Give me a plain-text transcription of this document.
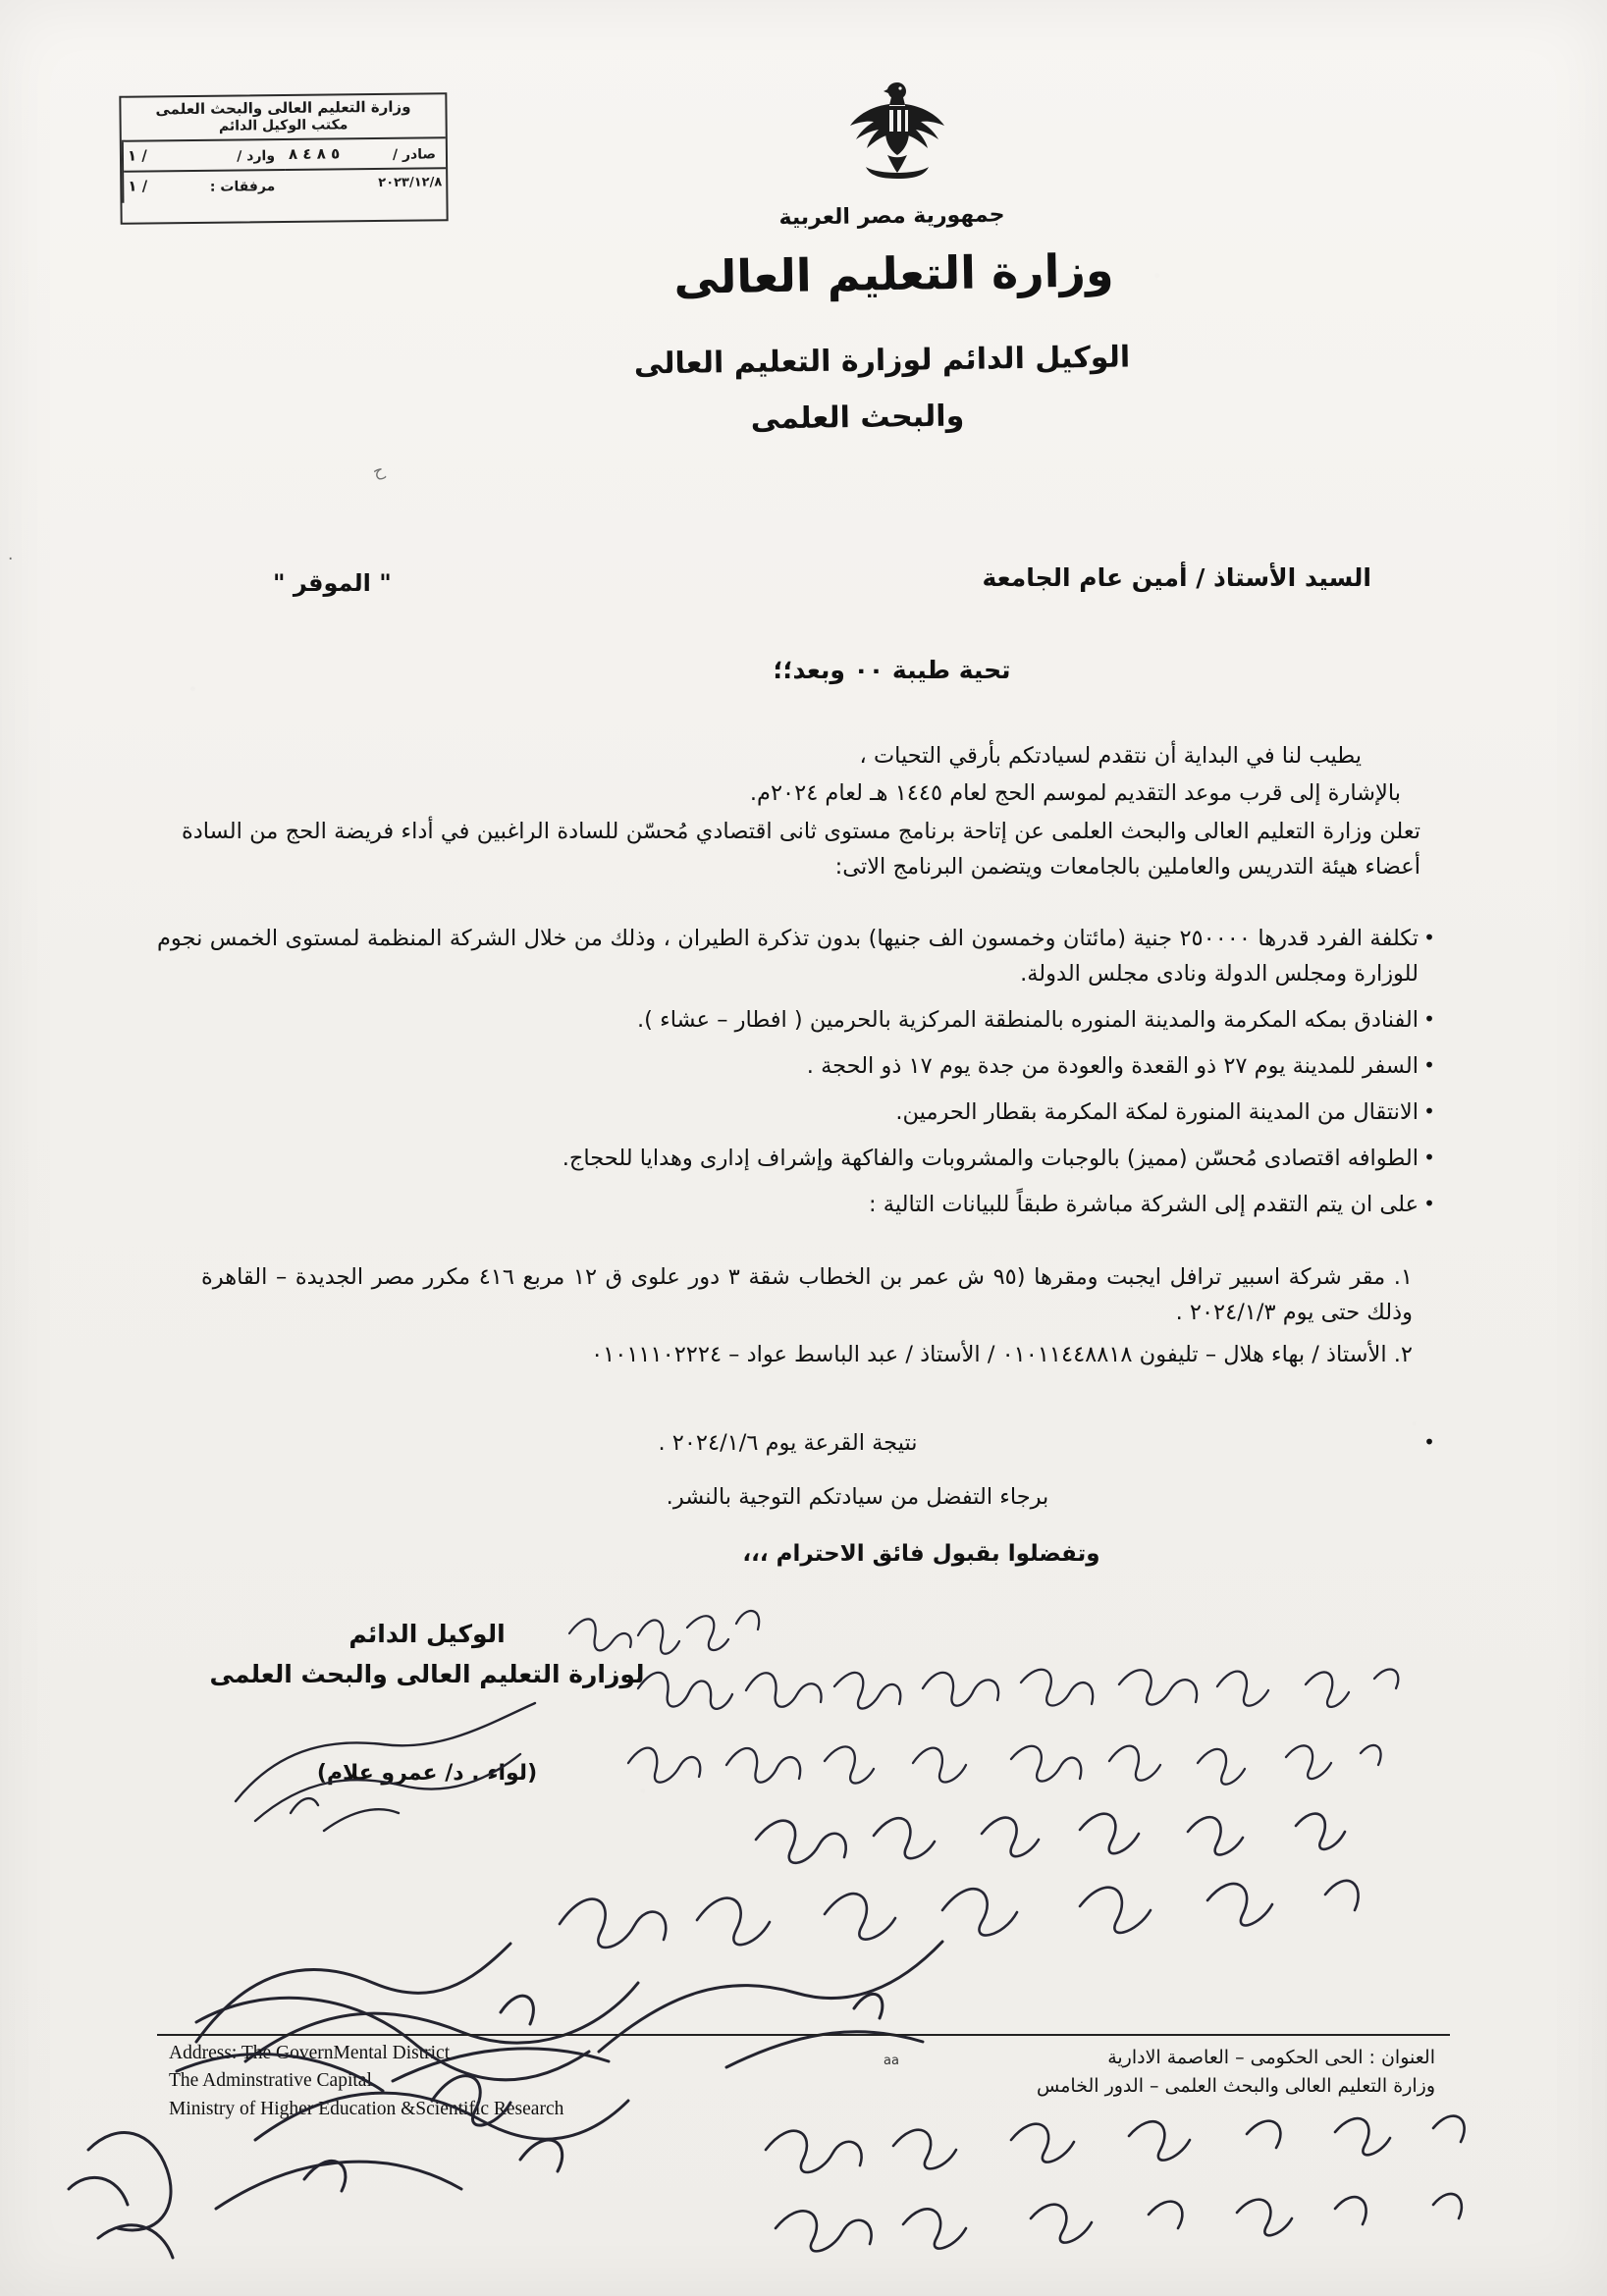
وزارة التعليم العالى والبحث العلمى
مكتب الوكيل الدائم
وارد /
/ ١
مرفقات :
/ ١
صادر /
٥ ٨ ٤ ٨
٢٠٢٣/١٢/٨
جمهورية مصر العربية
وزارة التعليم العالى
الوكيل الدائم لوزارة التعليم العالى
والبحث العلمى
ح
.
السيد الأستاذ / أمين عام الجامعة
" الموقر "
تحية طيبة ٠٠ وبعد؛؛

يطيب لنا في البداية أن نتقدم لسيادتكم بأرقي التحيات ،

بالإشارة إلى قرب موعد التقديم لموسم الحج لعام ١٤٤٥ هـ لعام ٢٠٢٤م.

تعلن وزارة التعليم العالى والبحث العلمى عن إتاحة برنامج مستوى ثانى اقتصادي مُحسّن للسادة الراغبين في أداء فريضة الحج من السادة أعضاء هيئة التدريس والعاملين بالجامعات ويتضمن البرنامج الاتى:

•
تكلفة الفرد قدرها ٢٥٠٠٠٠ جنية (مائتان وخمسون الف جنيها) بدون تذكرة الطيران ، وذلك من خلال الشركة المنظمة لمستوى الخمس نجوم للوزارة ومجلس الدولة ونادى مجلس الدولة.
•
الفنادق بمكه المكرمة والمدينة المنوره بالمنطقة المركزية بالحرمين ( افطار – عشاء ).
•
السفر للمدينة يوم ٢٧ ذو القعدة والعودة من جدة يوم ١٧ ذو الحجة .
•
الانتقال من المدينة المنورة لمكة المكرمة بقطار الحرمين.
•
الطوافه اقتصادى مُحسّن (مميز) بالوجبات والمشروبات والفاكهة وإشراف إدارى وهدايا للحجاج.
•
على ان يتم التقدم إلى الشركة مباشرة طبقاً للبيانات التالية :
١. مقر شركة اسبير ترافل ايجبت ومقرها (٩٥ ش عمر بن الخطاب شقة ٣ دور علوى ق ١٢ مربع ٤١٦ مكرر مصر الجديدة – القاهرة وذلك حتى يوم ٢٠٢٤/١/٣ .
٢. الأستاذ / بهاء هلال – تليفون ٠١٠١١٤٤٨٨١٨ / الأستاذ / عبد الباسط عواد – ٠١٠١١١٠٢٢٢٤
•
نتيجة القرعة يوم ٢٠٢٤/١/٦ .
برجاء التفضل من سيادتكم التوجية بالنشر.
وتفضلوا بقبول فائق الاحترام ،،،
الوكيل الدائم
لوزارة التعليم العالى والبحث العلمى
(لواء . د/ عمرو علام)
العنوان : الحى الحكومى – العاصمة الادارية
وزارة التعليم العالى والبحث العلمى – الدور الخامس
aa
Address: The GovernMental District
The Adminstrative Capital
Ministry of Higher Education &Scientific Research
